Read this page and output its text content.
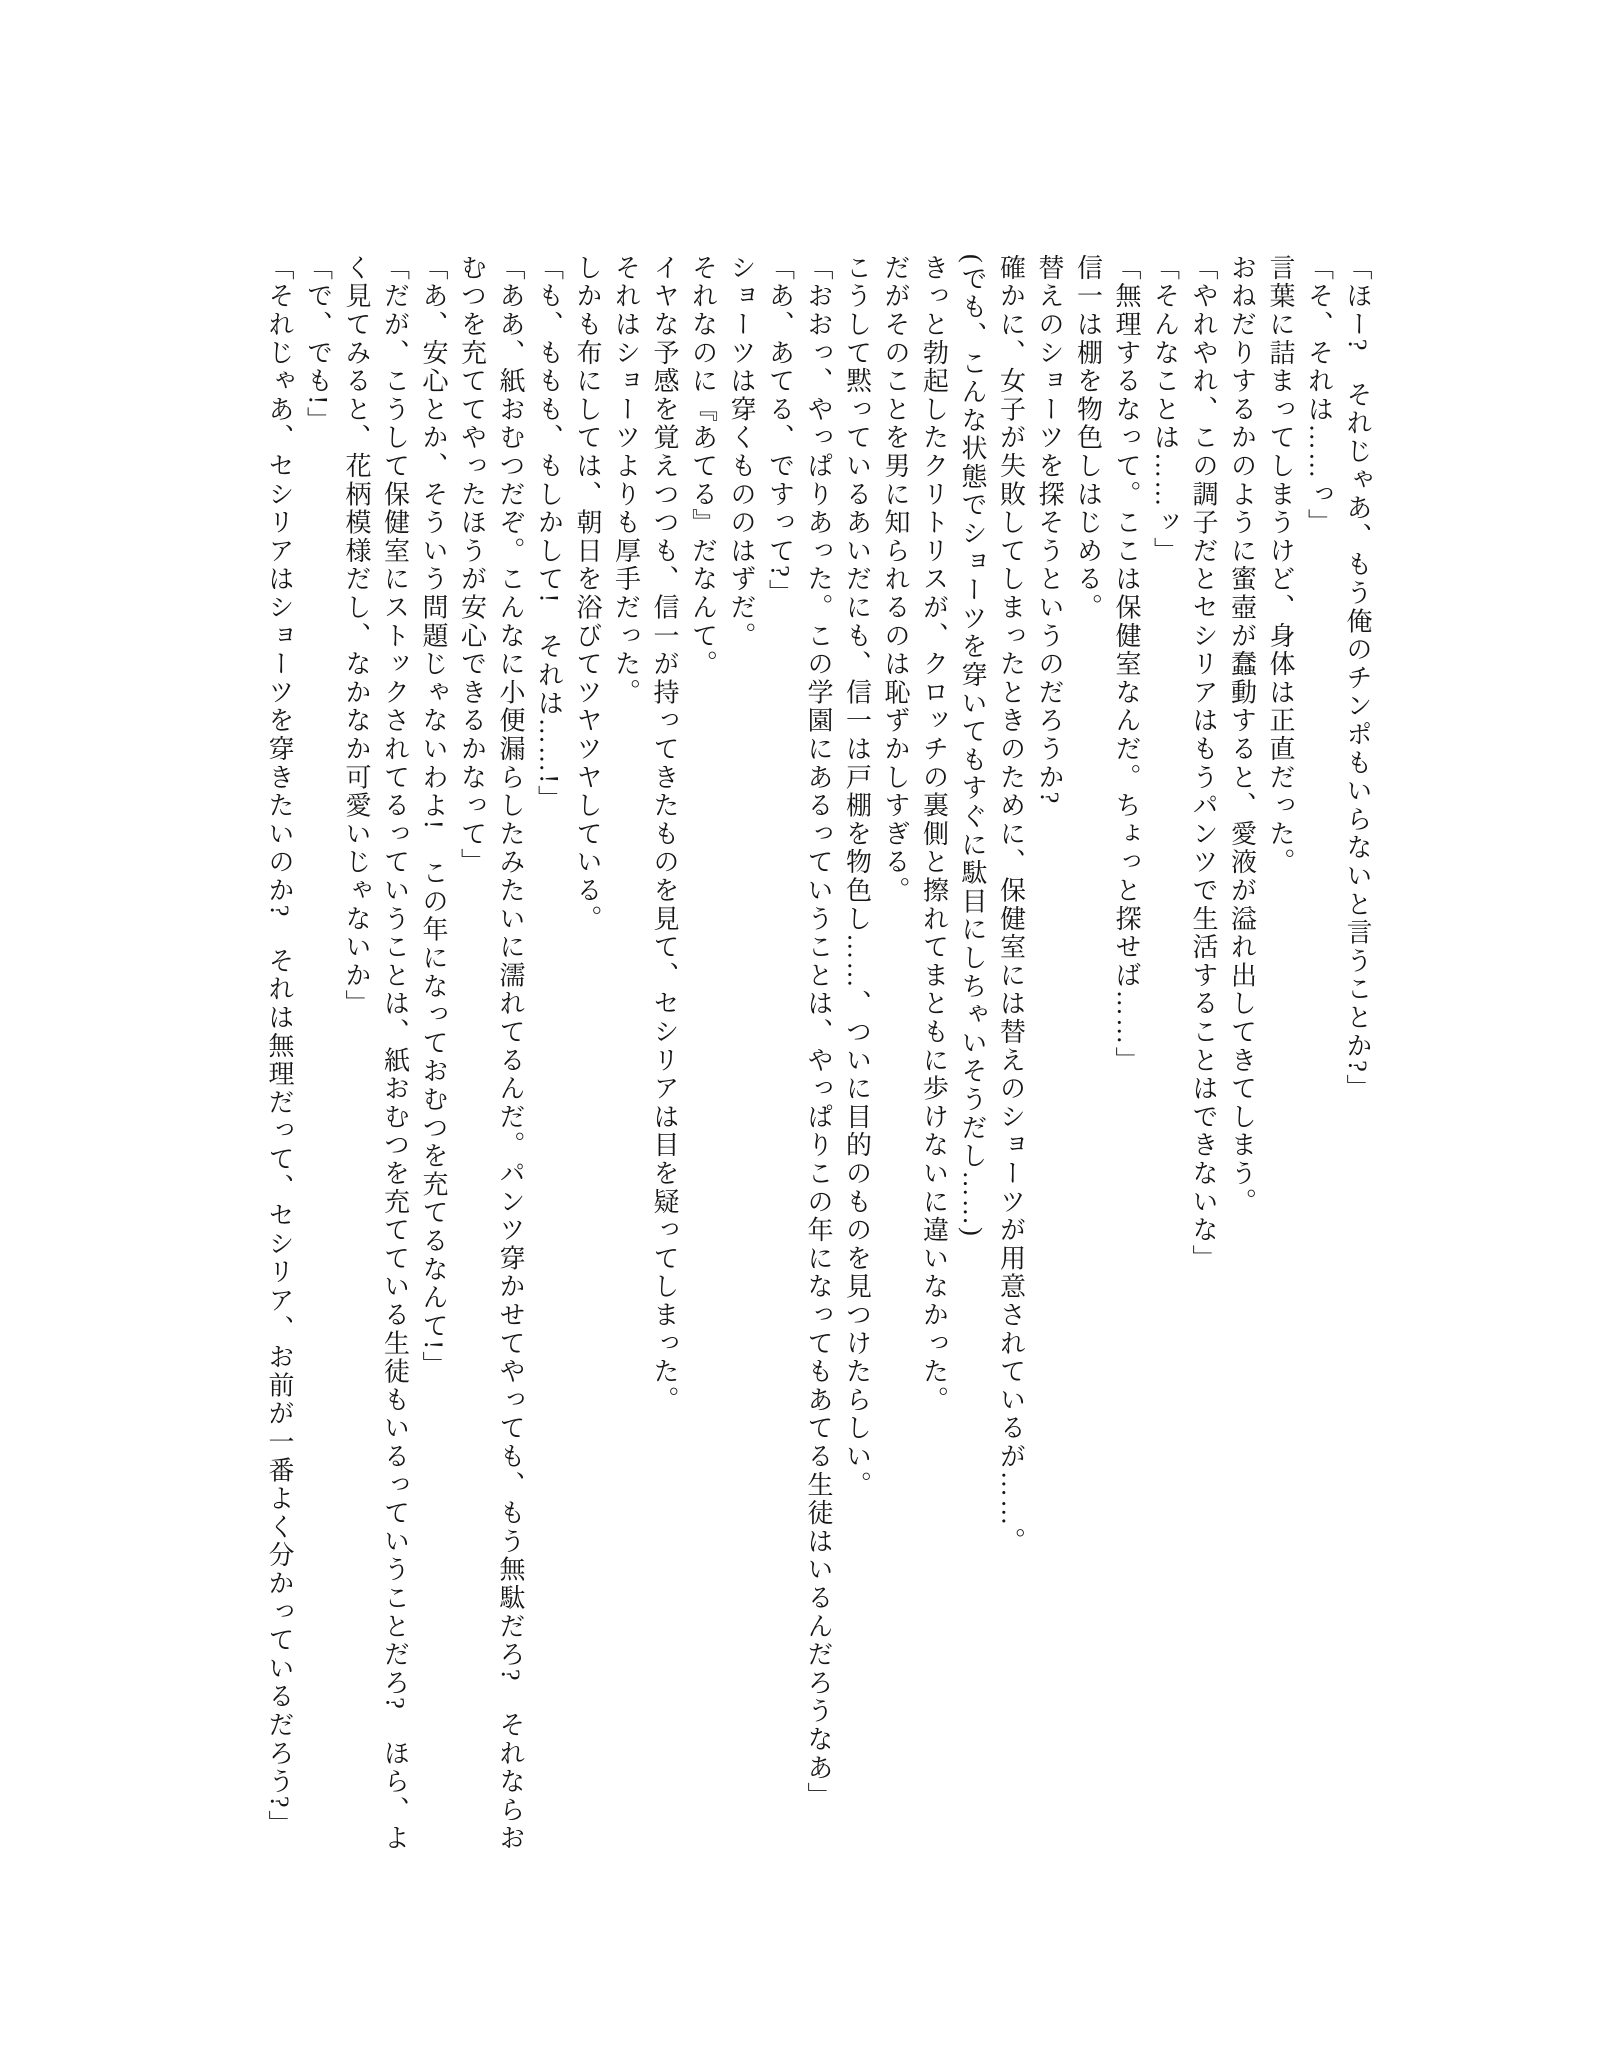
「ほー?　それじゃあ、もう俺のチンポもいらないと言うことか?」

「そ、それは……っ」

言葉に詰まってしまうけど、身体は正直だった。

おねだりするかのように蜜壺が蠢動すると、愛液が溢れ出してきてしまう。

「やれやれ、この調子だとセシリアはもうパンツで生活することはできないな」

「そんなことは……ッ」

「無理するなって。ここは保健室なんだ。ちょっと探せば……」

信一は棚を物色しはじめる。

替えのショーツを探そうというのだろうか?

確かに、女子が失敗してしまったときのために、保健室には替えのショーツが用意されているが……。

(でも、こんな状態でショーツを穿いてもすぐに駄目にしちゃいそうだし……)

きっと勃起したクリトリスが、クロッチの裏側と擦れてまともに歩けないに違いなかった。

だがそのことを男に知られるのは恥ずかしすぎる。

こうして黙っているあいだにも、信一は戸棚を物色し……、ついに目的のものを見つけたらしい。

「おおっ、やっぱりあった。この学園にあるっていうことは、やっぱりこの年になってもあてる生徒はいるんだろうなあ」

「あ、あてる、ですって?」

ショーツは穿くもののはずだ。

それなのに『あてる』だなんて。

イヤな予感を覚えつつも、信一が持ってきたものを見て、セシリアは目を疑ってしまった。

それはショーツよりも厚手だった。

しかも布にしては、朝日を浴びてツヤツヤしている。

「も、ももも、もしかして!　それは……!」

「ああ、紙おむつだぞ。こんなに小便漏らしたみたいに濡れてるんだ。パンツ穿かせてやっても、もう無駄だろ?　それならおむつを充ててやったほうが安心できるかなって」

「あ、安心とか、そういう問題じゃないわよ!　この年になっておむつを充てるなんて!」

「だが、こうして保健室にストックされてるっていうことは、紙おむつを充てている生徒もいるっていうことだろ?　ほら、よく見てみると、花柄模様だし、なかなか可愛いじゃないか」

「で、でも!」

「それじゃあ、セシリアはショーツを穿きたいのか?　それは無理だって、セシリア、お前が一番よく分かっているだろう?」
